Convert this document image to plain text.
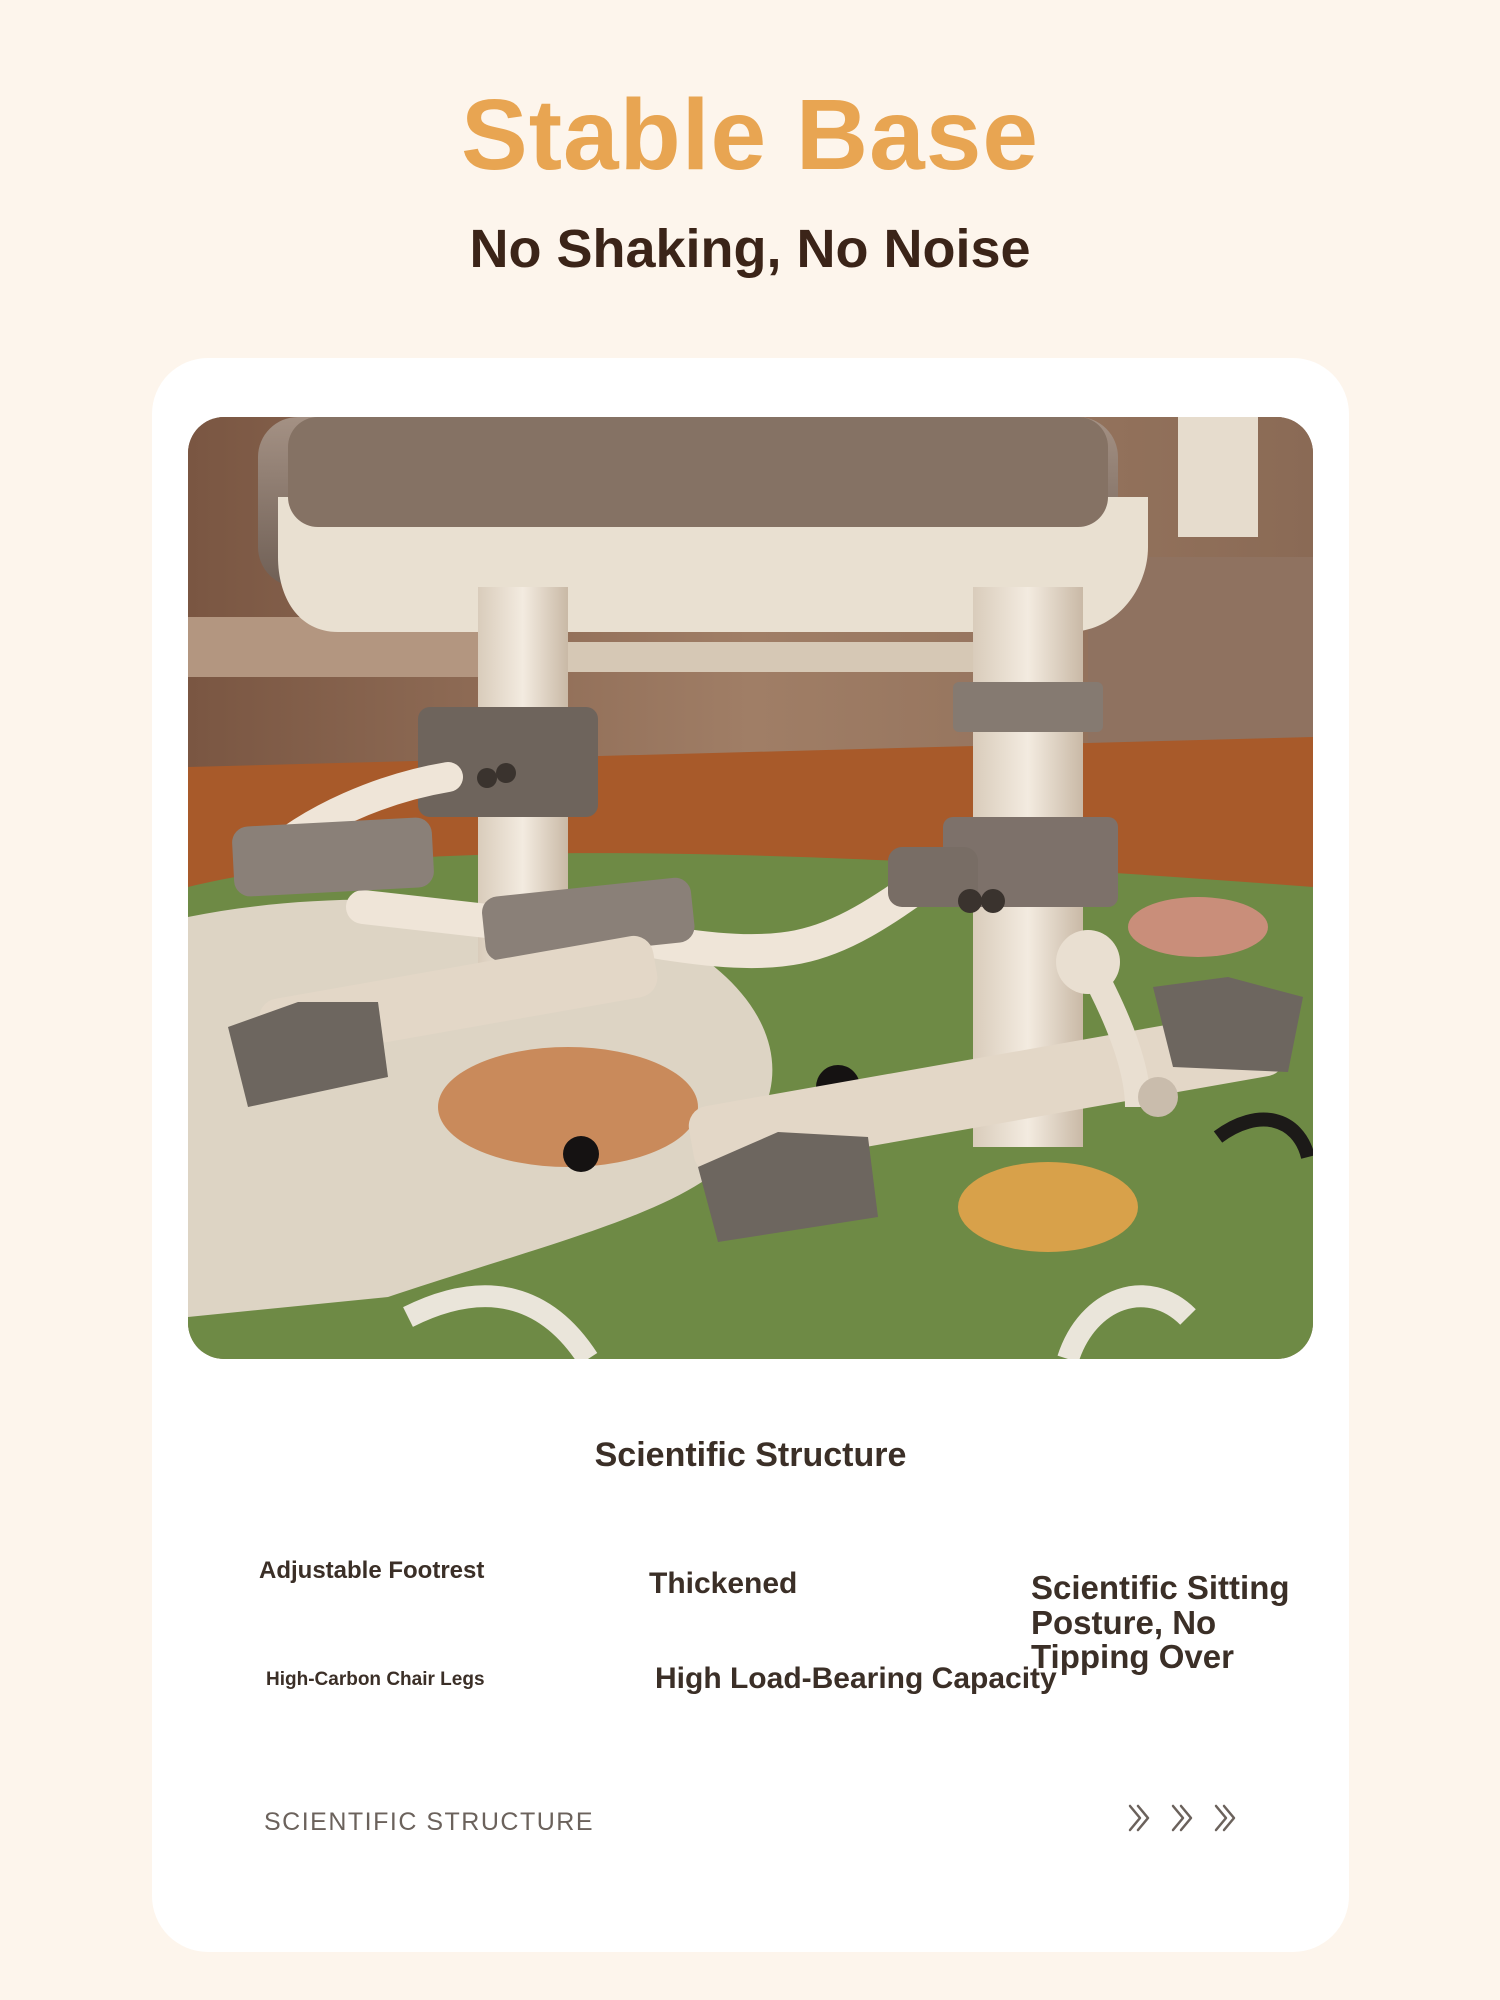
Stable Base
No Shaking, No Noise
Scientific Structure
Adjustable Footrest	Thickened	Scientific Sitting Posture, No Tipping Over
High-Carbon Chair Legs	High Load-Bearing Capacity
SCIENTIFIC STRUCTURE
